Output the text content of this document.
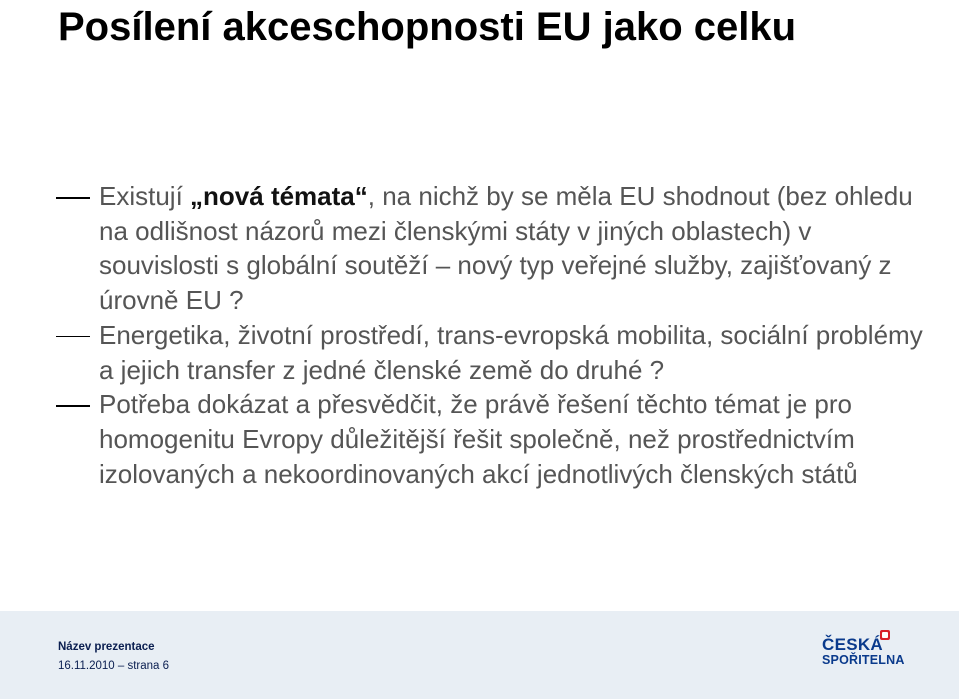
Posílení akceschopnosti EU jako celku
Existují „nová témata“, na nichž by se měla EU shodnout (bez ohledu na odlišnost názorů mezi členskými státy v jiných oblastech) v souvislosti s globální soutěží – nový typ veřejné služby, zajišťovaný z úrovně EU ?
Energetika, životní prostředí, trans-evropská mobilita, sociální problémy a jejich transfer z jedné členské země do druhé ?
Potřeba dokázat a přesvědčit, že právě řešení těchto témat je pro homogenitu Evropy důležitější řešit společně, než prostřednictvím izolovaných a nekoordinovaných akcí jednotlivých členských států
Název prezentace
16.11.2010 – strana 6
ČESKÁ
SPOŘITELNA
